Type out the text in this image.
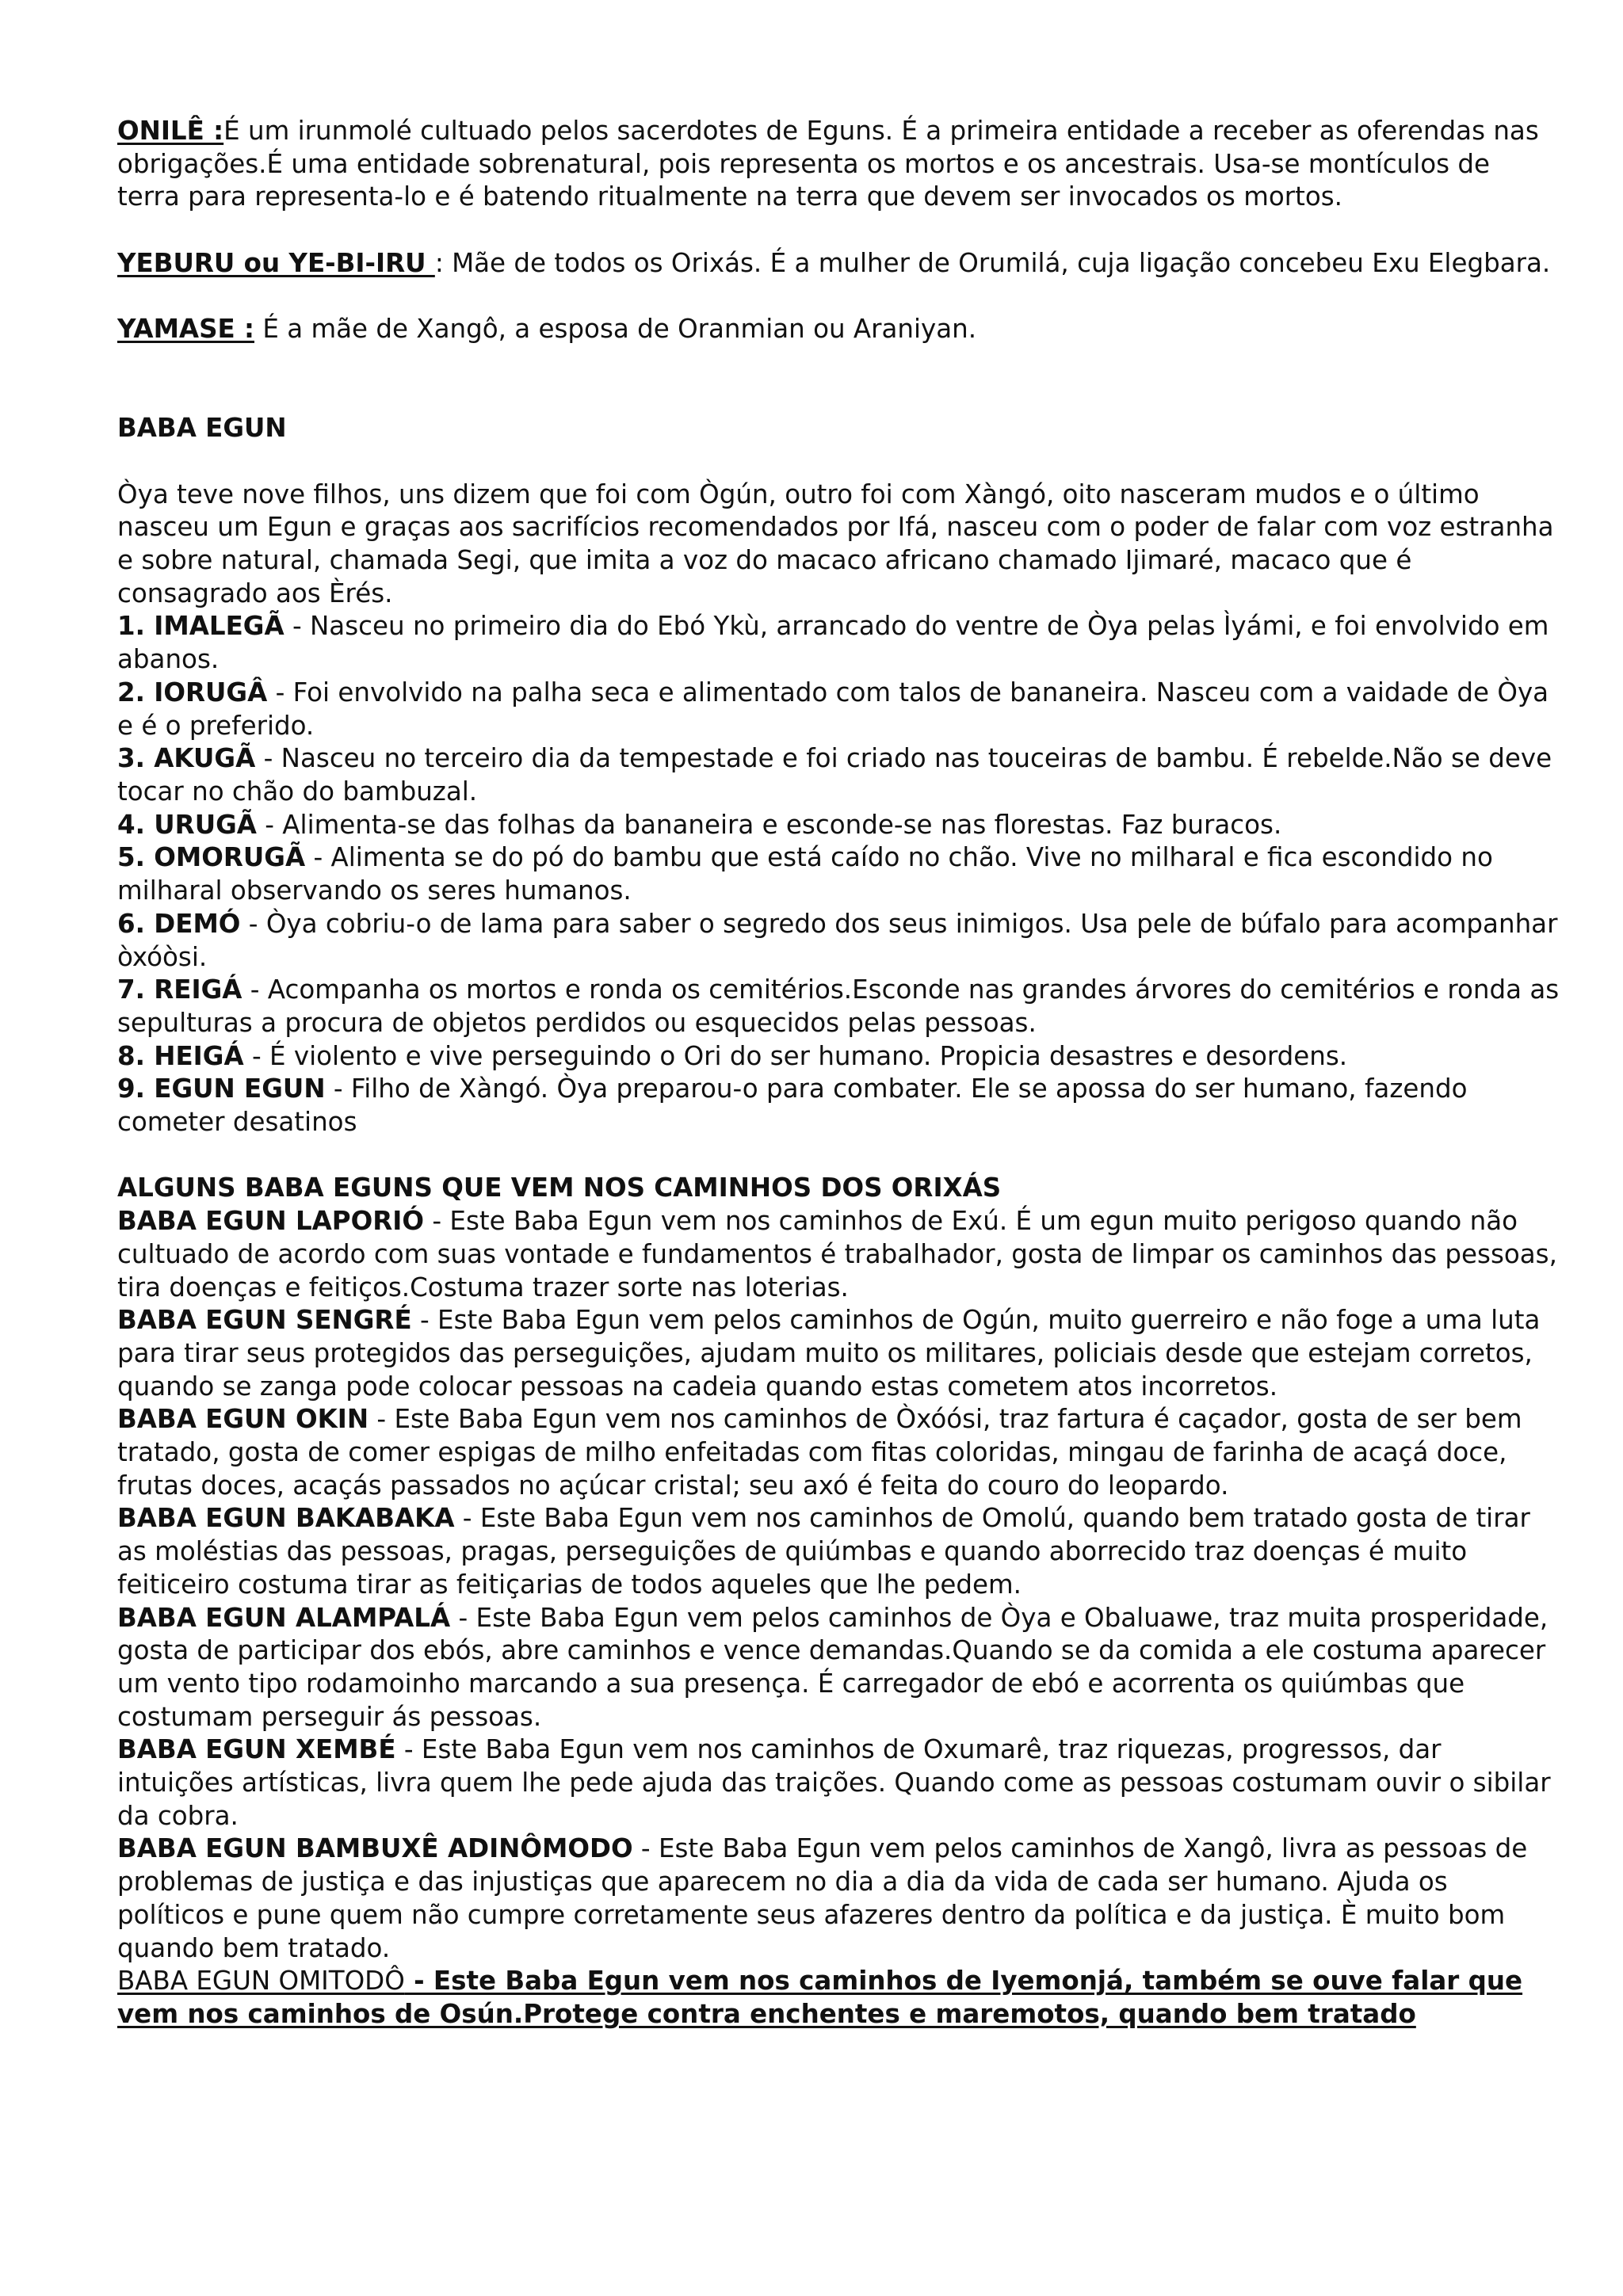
ONILÊ :É um irunmolé cultuado pelos sacerdotes de Eguns. É a primeira entidade a receber as oferendas nas obrigações.É uma entidade sobrenatural, pois representa os mortos e os ancestrais. Usa-se montículos de terra para representa-lo e é batendo ritualmente na terra que devem ser invocados os mortos.

YEBURU ou YE-BI-IRU : Mãe de todos os Orixás. É a mulher de Orumilá, cuja ligação concebeu Exu Elegbara.

YAMASE : É a mãe de Xangô, a esposa de Oranmian ou Araniyan.

BABA EGUN

Òya teve nove filhos, uns dizem que foi com Ògún, outro foi com Xàngó, oito nasceram mudos e o último nasceu um Egun e graças aos sacrifícios recomendados por Ifá, nasceu com o poder de falar com voz estranha e sobre natural, chamada Segi, que imita a voz do macaco africano chamado Ijimaré, macaco que é consagrado aos Èrés.

1. IMALEGÃ - Nasceu no primeiro dia do Ebó Ykù, arrancado do ventre de Òya pelas Ìyámi, e foi envolvido em abanos.

2. IORUGÂ - Foi envolvido na palha seca e alimentado com talos de bananeira. Nasceu com a vaidade de Òya e é o preferido.

3. AKUGÃ - Nasceu no terceiro dia da tempestade e foi criado nas touceiras de bambu. É rebelde.Não se deve tocar no chão do bambuzal.

4. URUGÃ - Alimenta-se das folhas da bananeira e esconde-se nas florestas. Faz buracos.

5. OMORUGÃ - Alimenta se do pó do bambu que está caído no chão. Vive no milharal e fica escondido no milharal observando os seres humanos.

6. DEMÓ - Òya cobriu-o de lama para saber o segredo dos seus inimigos. Usa pele de búfalo para acompanhar òxóòsi.

7. REIGÁ - Acompanha os mortos e ronda os cemitérios.Esconde nas grandes árvores do cemitérios e ronda as sepulturas a procura de objetos perdidos ou esquecidos pelas pessoas.

8. HEIGÁ - É violento e vive perseguindo o Ori do ser humano. Propicia desastres e desordens.

9. EGUN EGUN - Filho de Xàngó. Òya preparou-o para combater. Ele se apossa do ser humano, fazendo cometer desatinos

ALGUNS BABA EGUNS QUE VEM NOS CAMINHOS DOS ORIXÁS

BABA EGUN LAPORIÓ - Este Baba Egun vem nos caminhos de Exú. É um egun muito perigoso quando não cultuado de acordo com suas vontade e fundamentos é trabalhador, gosta de limpar os caminhos das pessoas, tira doenças e feitiços.Costuma trazer sorte nas loterias.

BABA EGUN SENGRÉ - Este Baba Egun vem pelos caminhos de Ogún, muito guerreiro e não foge a uma luta para tirar seus protegidos das perseguições, ajudam muito os militares, policiais desde que estejam corretos, quando se zanga pode colocar pessoas na cadeia quando estas cometem atos incorretos.

BABA EGUN OKIN - Este Baba Egun vem nos caminhos de Òxóósi, traz fartura é caçador, gosta de ser bem tratado, gosta de comer espigas de milho enfeitadas com fitas coloridas, mingau de farinha de acaçá doce, frutas doces, acaçás passados no açúcar cristal; seu axó é feita do couro do leopardo.

BABA EGUN BAKABAKA - Este Baba Egun vem nos caminhos de Omolú, quando bem tratado gosta de tirar as moléstias das pessoas, pragas, perseguições de quiúmbas e quando aborrecido traz doenças é muito feiticeiro costuma tirar as feitiçarias de todos aqueles que lhe pedem.

BABA EGUN ALAMPALÁ - Este Baba Egun vem pelos caminhos de Òya e Obaluawe, traz muita prosperidade, gosta de participar dos ebós, abre caminhos e vence demandas.Quando se da comida a ele costuma aparecer um vento tipo rodamoinho marcando a sua presença. É carregador de ebó e acorrenta os quiúmbas que costumam perseguir ás pessoas.

BABA EGUN XEMBÉ - Este Baba Egun vem nos caminhos de Oxumarê, traz riquezas, progressos, dar intuições artísticas, livra quem lhe pede ajuda das traições. Quando come as pessoas costumam ouvir o sibilar da cobra.

BABA EGUN BAMBUXÊ ADINÔMODO - Este Baba Egun vem pelos caminhos de Xangô, livra as pessoas de problemas de justiça e das injustiças que aparecem no dia a dia da vida de cada ser humano. Ajuda os políticos e pune quem não cumpre corretamente seus afazeres dentro da política e da justiça. È muito bom quando bem tratado.

BABA EGUN OMITODÔ - Este Baba Egun vem nos caminhos de Iyemonjá, também se ouve falar que vem nos caminhos de Osún.Protege contra enchentes e maremotos, quando bem tratado
